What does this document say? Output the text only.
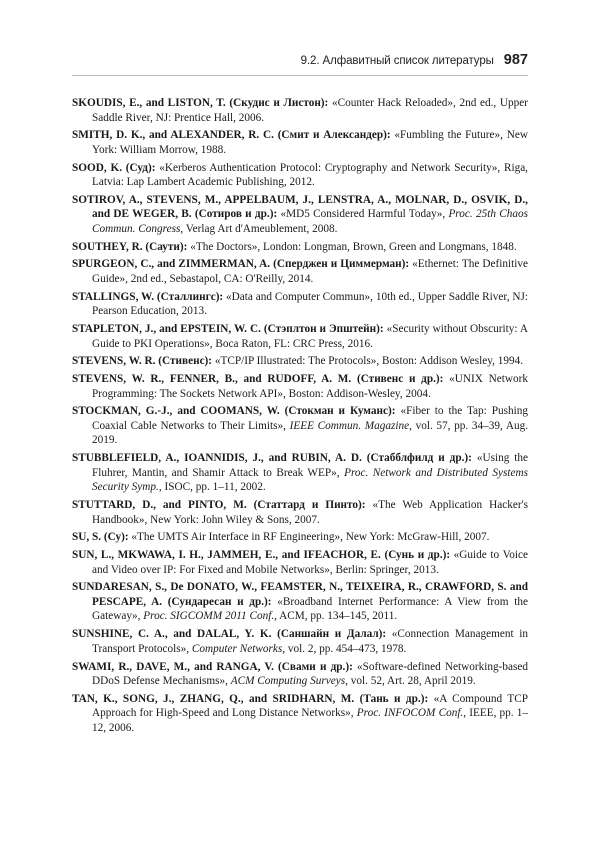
9.2. Алфавитный список литературы 987

SKOUDIS, E., and LISTON, T. (Скудис и Листон): «Counter Hack Reloaded», 2nd ed., Upper Saddle River, NJ: Prentice Hall, 2006.

SMITH, D. K., and ALEXANDER, R. C. (Смит и Александер): «Fumbling the Future», New York: William Morrow, 1988.

SOOD, K. (Суд): «Kerberos Authentication Protocol: Cryptography and Network Security», Riga, Latvia: Lap Lambert Academic Publishing, 2012.

SOTIROV, A., STEVENS, M., APPELBAUM, J., LENSTRA, A., MOLNAR, D., OSVIK, D., and DE WEGER, B. (Сотиров и др.): «MD5 Considered Harmful Today», Proc. 25th Chaos Commun. Congress, Verlag Art d'Ameublement, 2008.

SOUTHEY, R. (Саути): «The Doctors», London: Longman, Brown, Green and Longmans, 1848.

SPURGEON, C., and ZIMMERMAN, A. (Сперджен и Циммерман): «Ethernet: The Definitive Guide», 2nd ed., Sebastapol, CA: O'Reilly, 2014.

STALLINGS, W. (Сталлингс): «Data and Computer Commun», 10th ed., Upper Saddle River, NJ: Pearson Education, 2013.

STAPLETON, J., and EPSTEIN, W. C. (Стэплтон и Эпштейн): «Security without Obscurity: A Guide to PKI Operations», Boca Raton, FL: CRC Press, 2016.

STEVENS, W. R. (Стивенс): «TCP/IP Illustrated: The Protocols», Boston: Addison Wesley, 1994.

STEVENS, W. R., FENNER, B., and RUDOFF, A. M. (Стивенс и др.): «UNIX Network Programming: The Sockets Network API», Boston: Addison-Wesley, 2004.

STOCKMAN, G.-J., and COOMANS, W. (Стокман и Куманс): «Fiber to the Tap: Pushing Coaxial Cable Networks to Their Limits», IEEE Commun. Magazine, vol. 57, pp. 34–39, Aug. 2019.

STUBBLEFIELD, A., IOANNIDIS, J., and RUBIN, A. D. (Стабблфилд и др.): «Using the Fluhrer, Mantin, and Shamir Attack to Break WEP», Proc. Network and Distributed Systems Security Symp., ISOC, pp. 1–11, 2002.

STUTTARD, D., and PINTO, M. (Статтард и Пинто): «The Web Application Hacker's Handbook», New York: John Wiley & Sons, 2007.

SU, S. (Су): «The UMTS Air Interface in RF Engineering», New York: McGraw-Hill, 2007.

SUN, L., MKWAWA, I. H., JAMMEH, E., and IFEACHOR, E. (Сунь и др.): «Guide to Voice and Video over IP: For Fixed and Mobile Networks», Berlin: Springer, 2013.

SUNDARESAN, S., De DONATO, W., FEAMSTER, N., TEIXEIRA, R., CRAWFORD, S. and PESCAPE, A. (Сундаресан и др.): «Broadband Internet Performance: A View from the Gateway», Proc. SIGCOMM 2011 Conf., ACM, pp. 134–145, 2011.

SUNSHINE, C. A., and DALAL, Y. K. (Саншайн и Далал): «Connection Management in Transport Protocols», Computer Networks, vol. 2, pp. 454–473, 1978.

SWAMI, R., DAVE, M., and RANGA, V. (Свами и др.): «Software-defined Networking-based DDoS Defense Mechanisms», ACM Computing Surveys, vol. 52, Art. 28, April 2019.

TAN, K., SONG, J., ZHANG, Q., and SRIDHARN, M. (Тань и др.): «A Compound TCP Approach for High-Speed and Long Distance Networks», Proc. INFOCOM Conf., IEEE, pp. 1–12, 2006.
